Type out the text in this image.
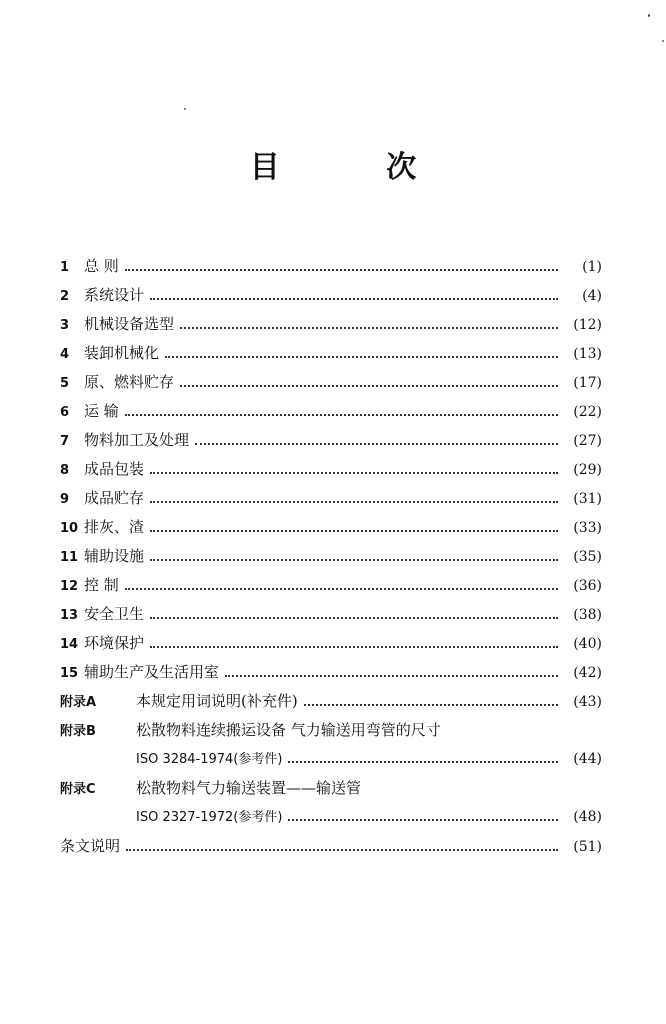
目 次
1 总 则	(1)
2 系统设计	(4)
3 机械设备选型	(12)
4 装卸机械化	(13)
5 原、燃料贮存	(17)
6 运 输	(22)
7 物料加工及处理	(27)
8 成品包装	(29)
9 成品贮存	(31)
10 排灰、渣	(33)
11 辅助设施	(35)
12 控 制	(36)
13 安全卫生	(38)
14 环境保护	(40)
15 辅助生产及生活用室	(42)
附录A	本规定用词说明(补充件)	(43)
附录B	松散物料连续搬运设备 气力输送用弯管的尺寸
ISO 3284-1974(参考件)	(44)
附录C	松散物料气力输送装置——输送管
ISO 2327-1972(参考件)	(48)
条文说明	(51)
